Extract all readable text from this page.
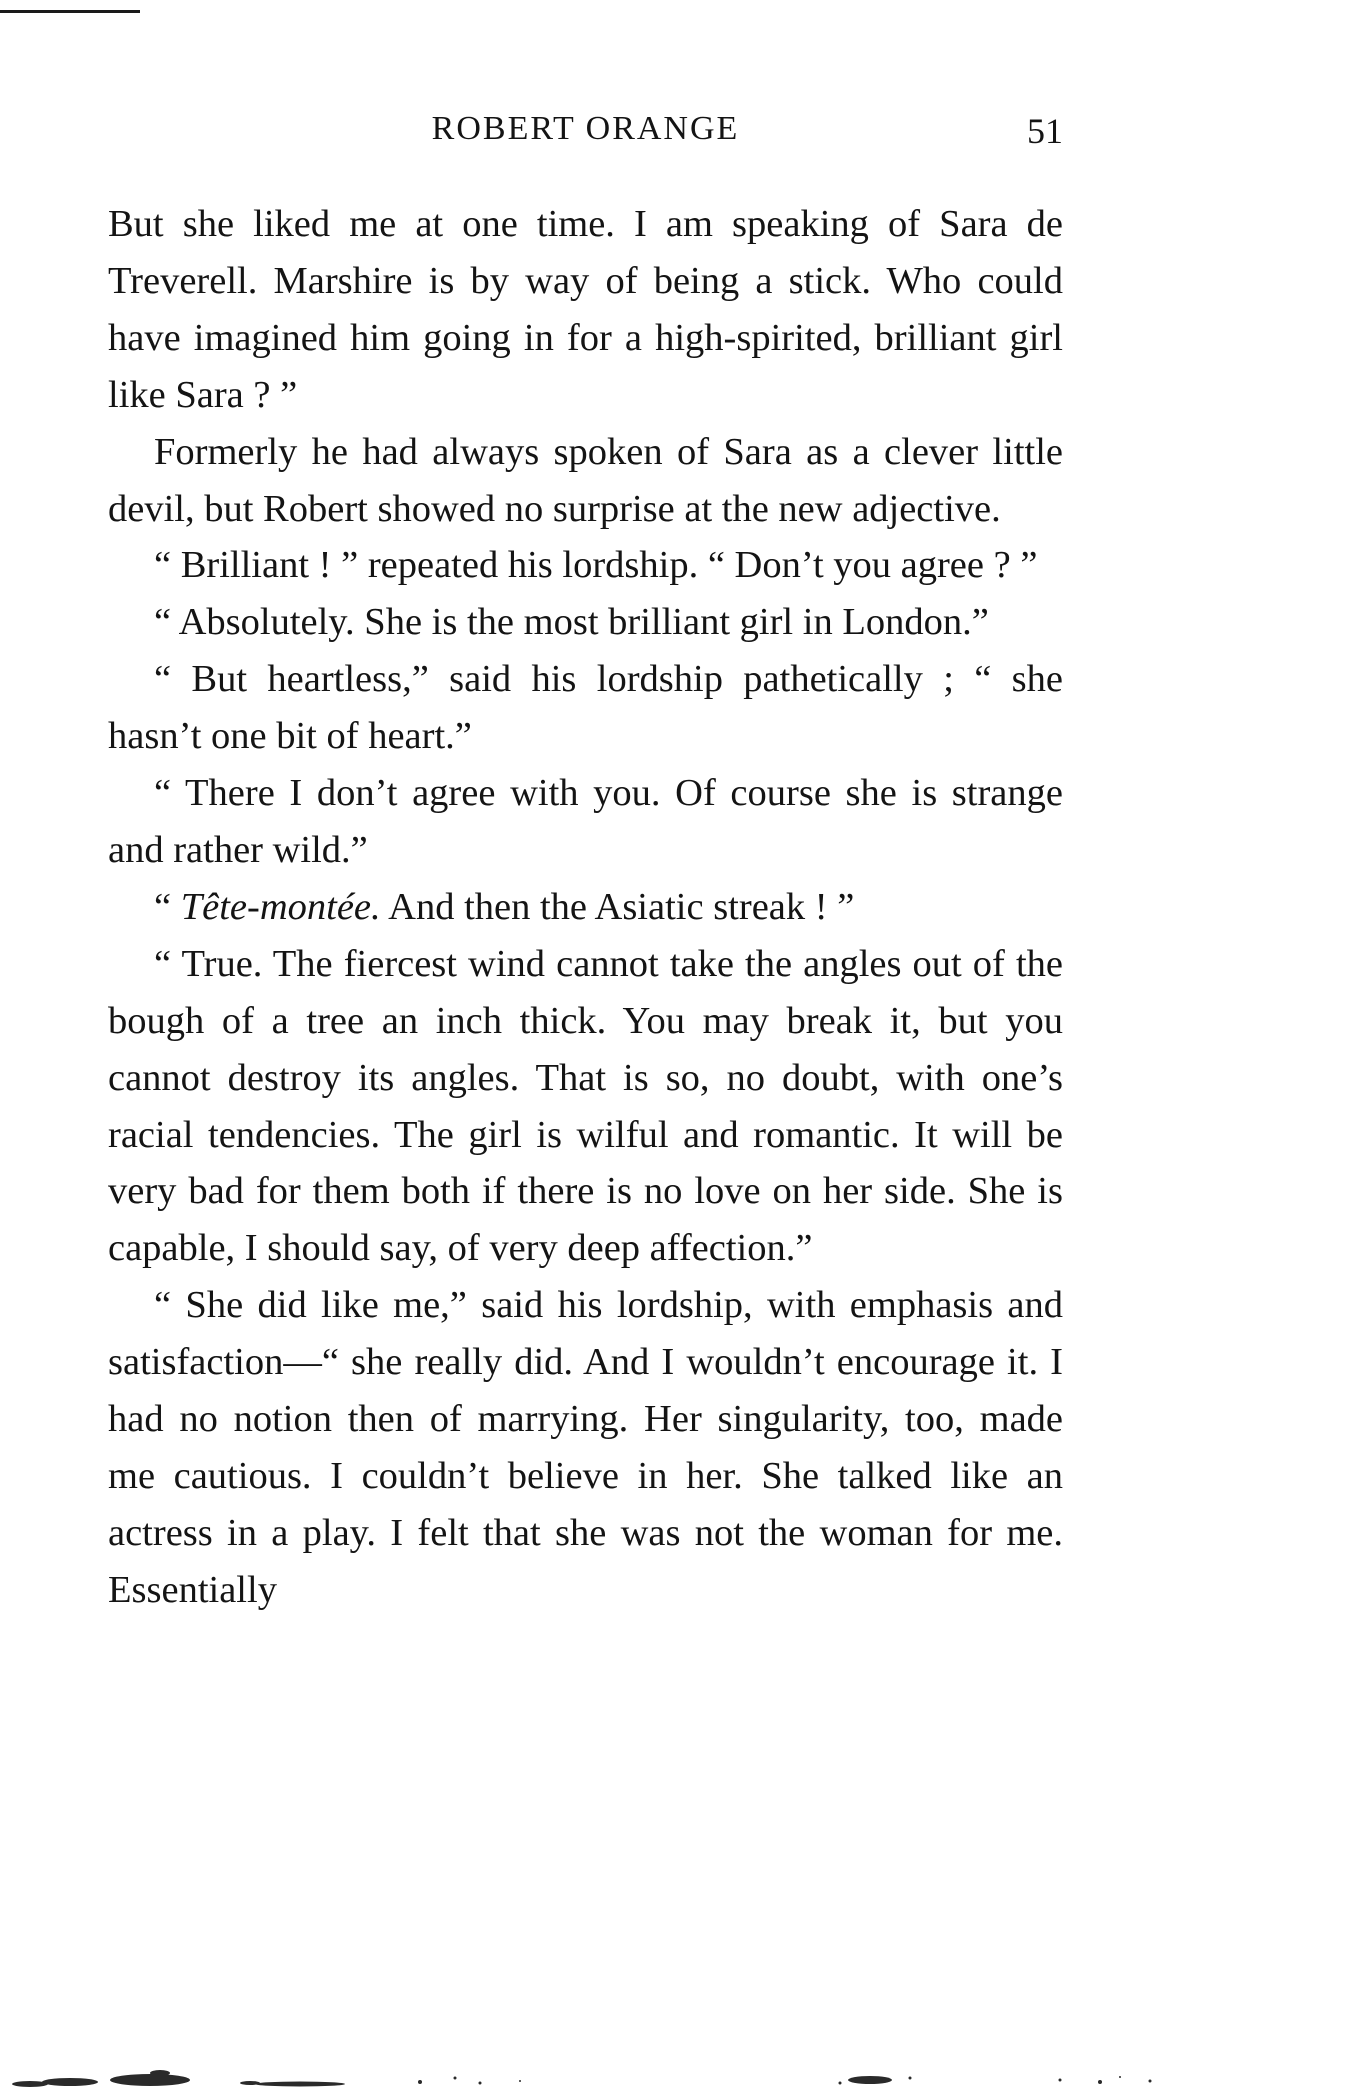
ROBERT ORANGE	51

But she liked me at one time. I am speaking of Sara de Treverell. Marshire is by way of being a stick. Who could have imagined him going in for a high-spirited, brilliant girl like Sara ? ”

Formerly he had always spoken of Sara as a clever little devil, but Robert showed no surprise at the new adjective.

“ Brilliant ! ” repeated his lordship. “ Don’t you agree ? ”

“ Absolutely. She is the most brilliant girl in London.”

“ But heartless,” said his lordship pathetically ; “ she hasn’t one bit of heart.”

“ There I don’t agree with you. Of course she is strange and rather wild.”

“ Tête-montée. And then the Asiatic streak ! ”

“ True. The fiercest wind cannot take the angles out of the bough of a tree an inch thick. You may break it, but you cannot destroy its angles. That is so, no doubt, with one’s racial tendencies. The girl is wilful and romantic. It will be very bad for them both if there is no love on her side. She is capable, I should say, of very deep affection.”

“ She did like me,” said his lordship, with emphasis and satisfaction—“ she really did. And I wouldn’t encourage it. I had no notion then of marrying. Her singularity, too, made me cautious. I couldn’t believe in her. She talked like an actress in a play. I felt that she was not the woman for me. Essentially
